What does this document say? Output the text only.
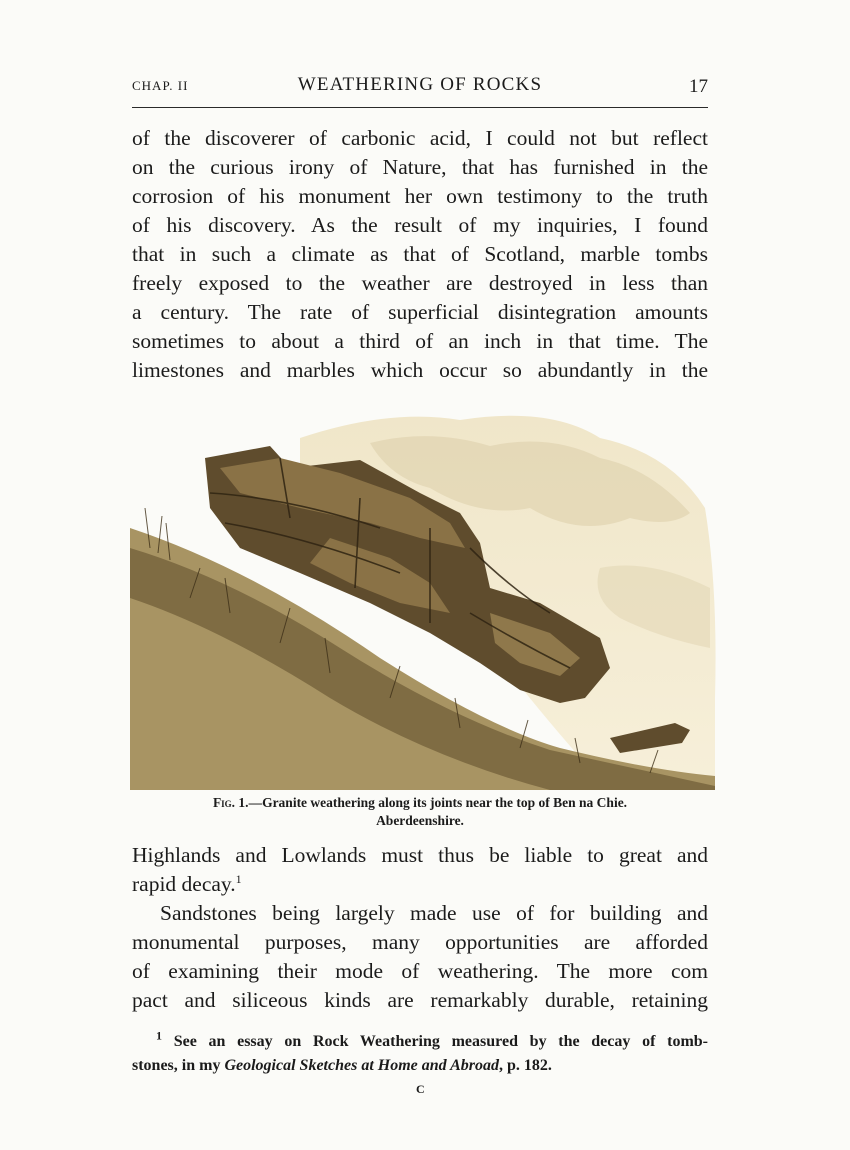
CHAP. II	WEATHERING OF ROCKS	17
of the discoverer of carbonic acid, I could not but reflect
on the curious irony of Nature, that has furnished in the
corrosion of his monument her own testimony to the truth
of his discovery. As the result of my inquiries, I found
that in such a climate as that of Scotland, marble tombs
freely exposed to the weather are destroyed in less than
a century. The rate of superficial disintegration amounts
sometimes to about a third of an inch in that time. The
limestones and marbles which occur so abundantly in the
Fig. 1.—Granite weathering along its joints near the top of Ben na Chie.
Aberdeenshire.
Highlands and Lowlands must thus be liable to great and
rapid decay.$^1$
Sandstones being largely made use of for building and
monumental purposes, many opportunities are afforded
of examining their mode of weathering. The more com
pact and siliceous kinds are remarkably durable, retaining
$^1$ See an essay on Rock Weathering measured by the decay of tomb-
stones, in my Geological Sketches at Home and Abroad, p. 182.
C
